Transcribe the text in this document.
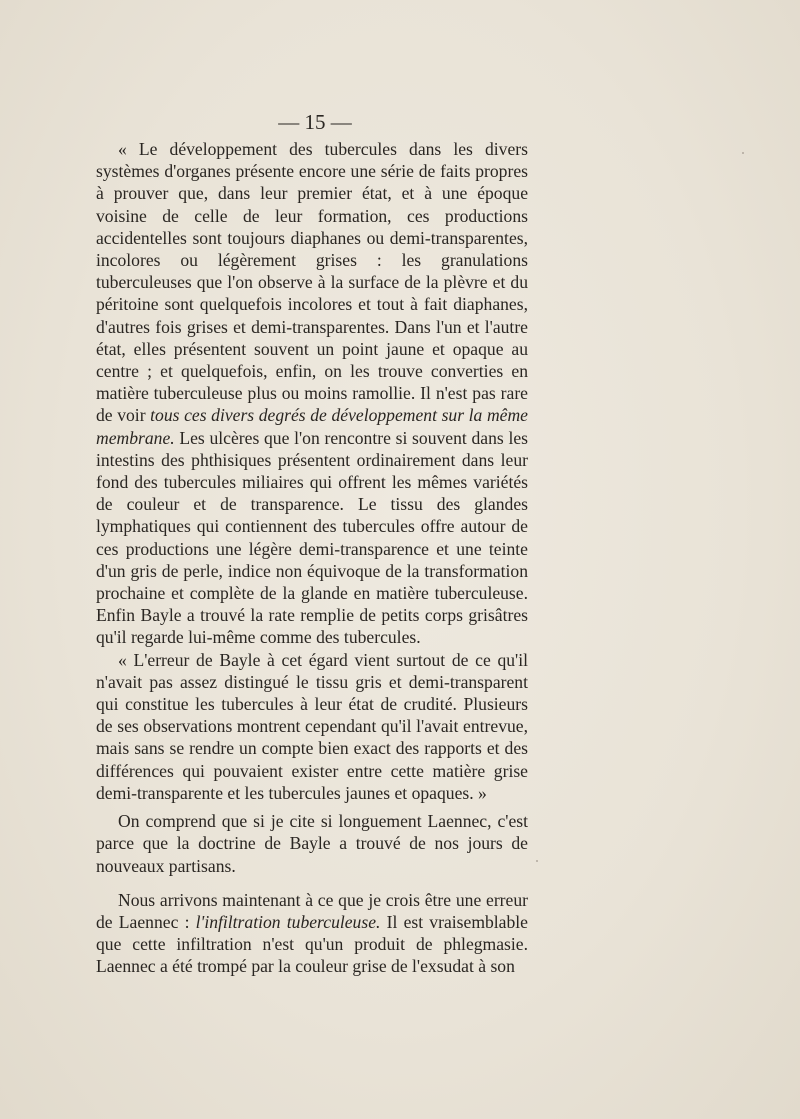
— 15 —

« Le développement des tubercules dans les divers systèmes d'organes présente encore une série de faits propres à prouver que, dans leur premier état, et à une époque voisine de celle de leur formation, ces productions accidentelles sont toujours diaphanes ou demi-transparentes, incolores ou légèrement grises : les granulations tuberculeuses que l'on observe à la surface de la plèvre et du péritoine sont quelquefois incolores et tout à fait diaphanes, d'autres fois grises et demi-transparentes. Dans l'un et l'autre état, elles présentent souvent un point jaune et opaque au centre ; et quelquefois, enfin, on les trouve converties en matière tuberculeuse plus ou moins ramollie. Il n'est pas rare de voir tous ces divers degrés de développement sur la même membrane. Les ulcères que l'on rencontre si souvent dans les intestins des phthisiques présentent ordinairement dans leur fond des tubercules miliaires qui offrent les mêmes variétés de couleur et de transparence. Le tissu des glandes lymphatiques qui contiennent des tubercules offre autour de ces productions une légère demi-transparence et une teinte d'un gris de perle, indice non équivoque de la transformation prochaine et complète de la glande en matière tuberculeuse. Enfin Bayle a trouvé la rate remplie de petits corps grisâtres qu'il regarde lui-même comme des tubercules.

« L'erreur de Bayle à cet égard vient surtout de ce qu'il n'avait pas assez distingué le tissu gris et demi-transparent qui constitue les tubercules à leur état de crudité. Plusieurs de ses observations montrent cependant qu'il l'avait entrevue, mais sans se rendre un compte bien exact des rapports et des différences qui pouvaient exister entre cette matière grise demi-transparente et les tubercules jaunes et opaques. »

On comprend que si je cite si longuement Laennec, c'est parce que la doctrine de Bayle a trouvé de nos jours de nouveaux partisans.

Nous arrivons maintenant à ce que je crois être une erreur de Laennec : l'infiltration tuberculeuse. Il est vraisemblable que cette infiltration n'est qu'un produit de phlegmasie. Laennec a été trompé par la couleur grise de l'exsudat à son
